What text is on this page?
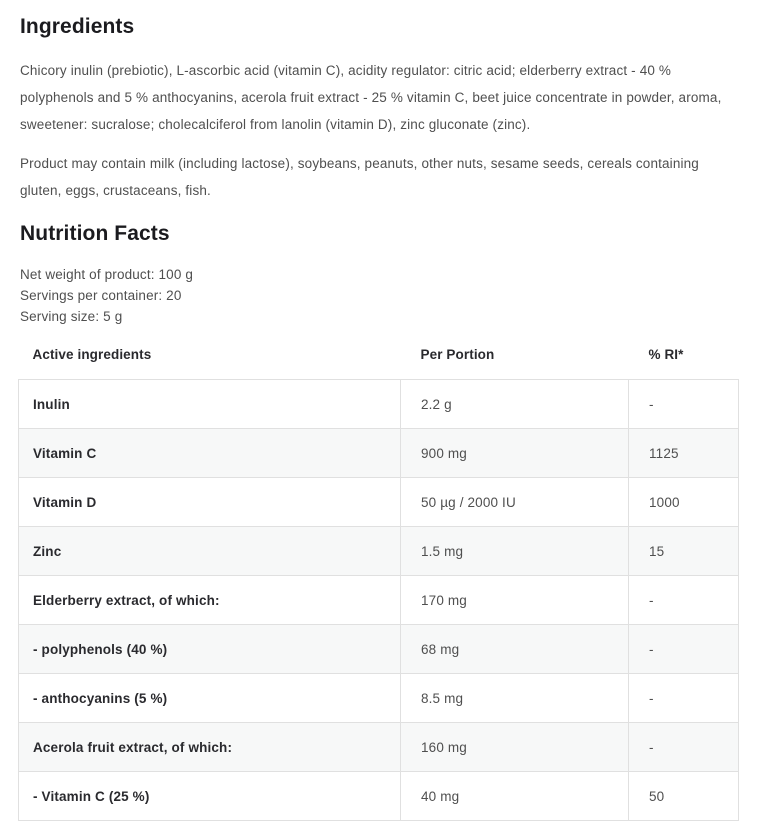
Ingredients

Chicory inulin (prebiotic), L-ascorbic acid (vitamin C), acidity regulator: citric acid; elderberry extract - 40 % polyphenols and 5 % anthocyanins, acerola fruit extract - 25 % vitamin C, beet juice concentrate in powder, aroma, sweetener: sucralose; cholecalciferol from lanolin (vitamin D), zinc gluconate (zinc).

Product may contain milk (including lactose), soybeans, peanuts, other nuts, sesame seeds, cereals containing gluten, eggs, crustaceans, fish.

Nutrition Facts
Net weight of product: 100 g
Servings per container: 20
Serving size: 5 g
Active ingredients	Per Portion	% RI*
Inulin	2.2 g	-
Vitamin C	900 mg	1125
Vitamin D	50 µg / 2000 IU	1000
Zinc	1.5 mg	15
Elderberry extract, of which:	170 mg	-
- polyphenols (40 %)	68 mg	-
- anthocyanins (5 %)	8.5 mg	-
Acerola fruit extract, of which:	160 mg	-
- Vitamin C (25 %)	40 mg	50
